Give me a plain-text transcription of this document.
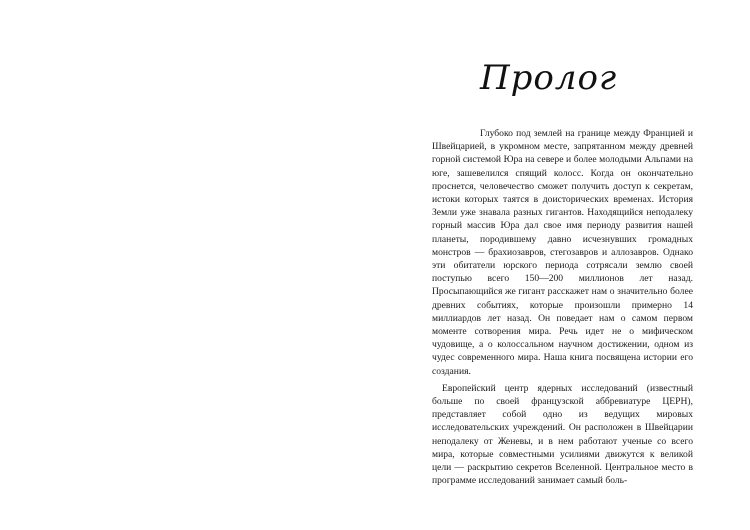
Пролог

Глубоко под землей на границе между Францией и Швейцарией, в укромном месте, запрятанном между древней горной системой Юра на севере и более молодыми Альпами на юге, зашевелился спящий колосс. Когда он окончательно проснется, человечество сможет получить доступ к секретам, истоки которых таятся в доисторических временах. История Земли уже знавала разных гигантов. Находящийся неподалеку горный массив Юра дал свое имя периоду развития нашей планеты, породившему давно исчезнувших громадных монстров — брахиозавров, стегозавров и аллозавров. Однако эти обитатели юрского периода сотрясали землю своей поступью всего 150—200 миллионов лет назад. Просыпающийся же гигант расскажет нам о значительно более древних событиях, которые произошли примерно 14 миллиардов лет назад. Он поведает нам о самом первом моменте сотворения мира. Речь идет не о мифическом чудовище, а о колоссальном научном достижении, одном из чудес современного мира. Наша книга посвящена истории его создания.

Европейский центр ядерных исследований (известный больше по своей французской аббревиатуре ЦЕРН), представляет собой одно из ведущих мировых исследовательских учреждений. Он расположен в Швейцарии неподалеку от Женевы, и в нем работают ученые со всего мира, которые совместными усилиями движутся к великой цели — раскрытию секретов Вселенной. Центральное место в программе исследований занимает самый боль-
